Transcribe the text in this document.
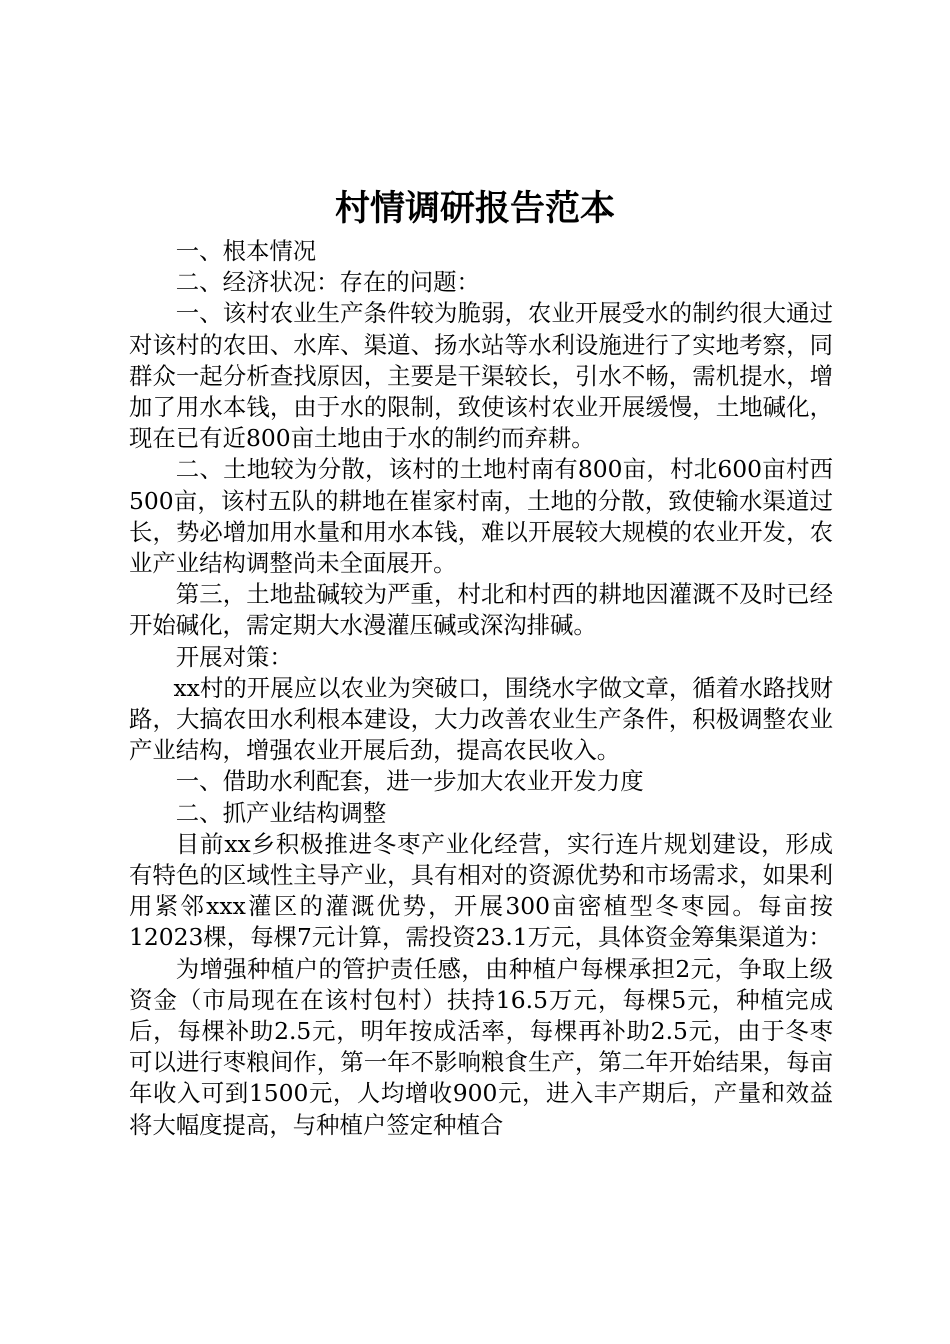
村情调研报告范本

一、根本情况

二、经济状况：存在的问题：

一、该村农业生产条件较为脆弱，农业开展受水的制约很大通过对该村的农田、水库、渠道、扬水站等水利设施进行了实地考察，同群众一起分析查找原因，主要是干渠较长，引水不畅，需机提水，增加了用水本钱，由于水的限制，致使该村农业开展缓慢，土地碱化，现在已有近800亩土地由于水的制约而弃耕。

二、土地较为分散，该村的土地村南有800亩，村北600亩村西500亩，该村五队的耕地在崔家村南，土地的分散，致使输水渠道过长，势必增加用水量和用水本钱，难以开展较大规模的农业开发，农业产业结构调整尚未全面展开。

第三，土地盐碱较为严重，村北和村西的耕地因灌溉不及时已经开始碱化，需定期大水漫灌压碱或深沟排碱。

开展对策：

xx村的开展应以农业为突破口，围绕水字做文章，循着水路找财路，大搞农田水利根本建设，大力改善农业生产条件，积极调整农业产业结构，增强农业开展后劲，提高农民收入。

一、借助水利配套，进一步加大农业开发力度

二、抓产业结构调整

目前xx乡积极推进冬枣产业化经营，实行连片规划建设，形成有特色的区域性主导产业，具有相对的资源优势和市场需求，如果利用紧邻xxx灌区的灌溉优势，开展300亩密植型冬枣园。每亩按12023棵，每棵7元计算，需投资23.1万元，具体资金筹集渠道为：

为增强种植户的管护责任感，由种植户每棵承担2元，争取上级资金（市局现在在该村包村）扶持16.5万元，每棵5元，种植完成后，每棵补助2.5元，明年按成活率，每棵再补助2.5元，由于冬枣可以进行枣粮间作，第一年不影响粮食生产，第二年开始结果，每亩年收入可到1500元，人均增收900元，进入丰产期后，产量和效益将大幅度提高，与种植户签定种植合
